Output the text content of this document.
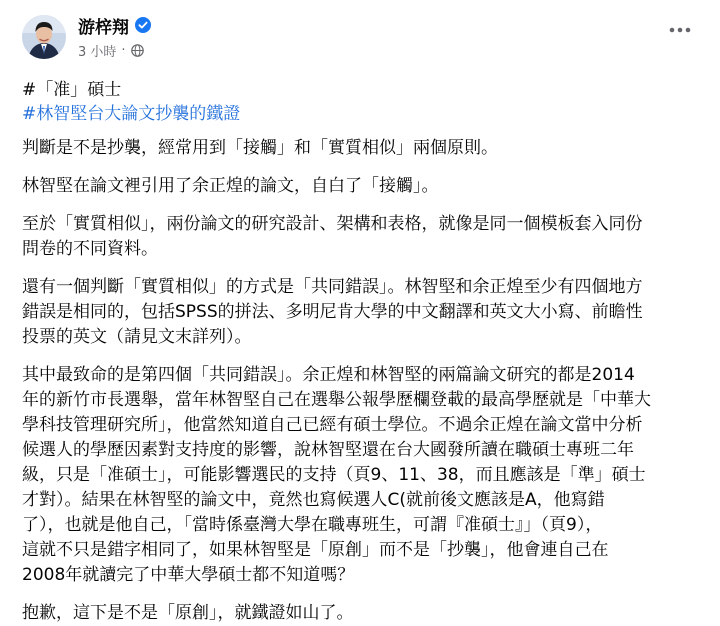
游梓翔
3 小時 ·
#「准」碩士
#林智堅台大論文抄襲的鐵證
判斷是不是抄襲，經常用到「接觸」和「實質相似」兩個原則。
林智堅在論文裡引用了余正煌的論文，自白了「接觸」。
至於「實質相似」，兩份論文的研究設計、架構和表格，就像是同一個模板套入同份
問卷的不同資料。
還有一個判斷「實質相似」的方式是「共同錯誤」。林智堅和余正煌至少有四個地方
錯誤是相同的，包括SPSS的拼法、多明尼肯大學的中文翻譯和英文大小寫、前瞻性
投票的英文（請見文末詳列）。
其中最致命的是第四個「共同錯誤」。余正煌和林智堅的兩篇論文研究的都是2014
年的新竹市長選舉，當年林智堅自己在選舉公報學歷欄登載的最高學歷就是「中華大
學科技管理研究所」，他當然知道自己已經有碩士學位。不過余正煌在論文當中分析
候選人的學歷因素對支持度的影響，說林智堅還在台大國發所讀在職碩士專班二年
級，只是「准碩士」，可能影響選民的支持（頁9、11、38，而且應該是「準」碩士
才對）。結果在林智堅的論文中，竟然也寫候選人C(就前後文應該是A，他寫錯
了），也就是他自己，「當時係臺灣大學在職專班生，可謂『准碩士』」（頁9），
這就不只是錯字相同了，如果林智堅是「原創」而不是「抄襲」，他會連自己在
2008年就讀完了中華大學碩士都不知道嗎？
抱歉，這下是不是「原創」，就鐵證如山了。
